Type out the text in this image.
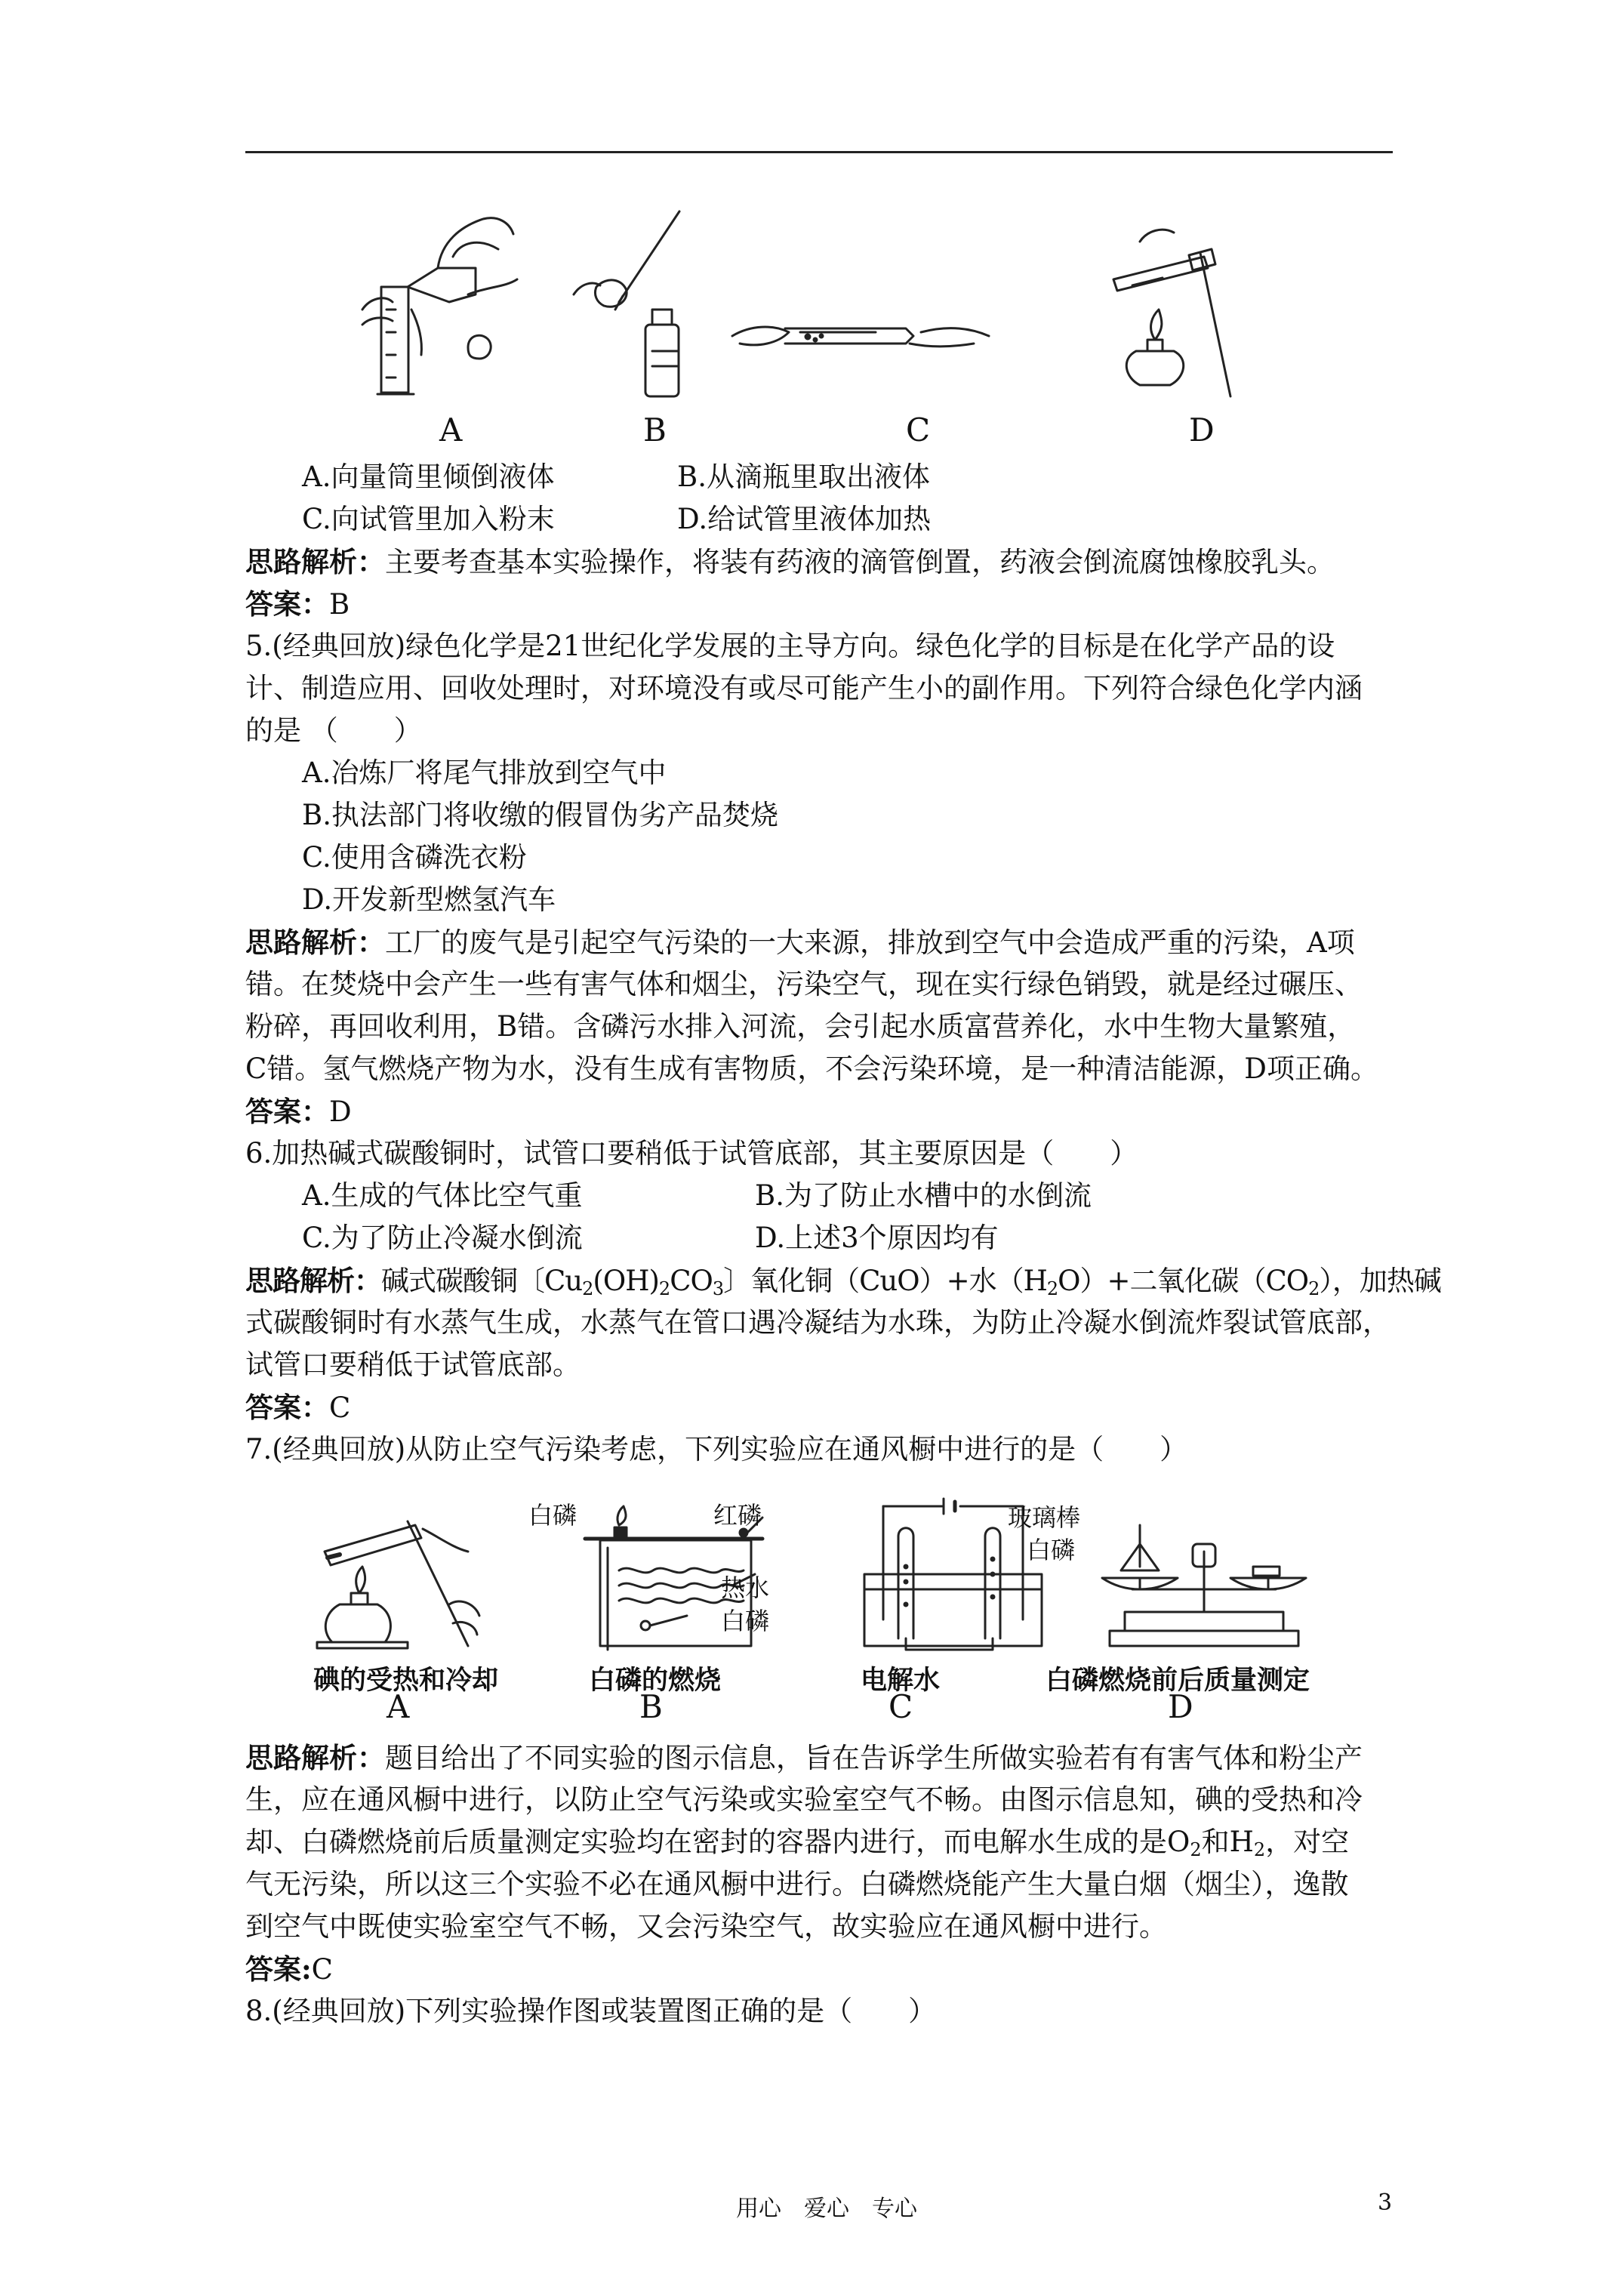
A	B	C	D
A.向量筒里倾倒液体	B.从滴瓶里取出液体
C.向试管里加入粉末	D.给试管里液体加热
思路解析：主要考查基本实验操作，将装有药液的滴管倒置，药液会倒流腐蚀橡胶乳头。
答案：B
5.(经典回放)绿色化学是21世纪化学发展的主导方向。绿色化学的目标是在化学产品的设
计、制造应用、回收处理时，对环境没有或尽可能产生小的副作用。下列符合绿色化学内涵
的是 （　　）
A.冶炼厂将尾气排放到空气中
B.执法部门将收缴的假冒伪劣产品焚烧
C.使用含磷洗衣粉
D.开发新型燃氢汽车
思路解析：工厂的废气是引起空气污染的一大来源，排放到空气中会造成严重的污染，A项
错。在焚烧中会产生一些有害气体和烟尘，污染空气，现在实行绿色销毁，就是经过碾压、
粉碎，再回收利用，B错。含磷污水排入河流，会引起水质富营养化，水中生物大量繁殖，
C错。氢气燃烧产物为水，没有生成有害物质，不会污染环境，是一种清洁能源，D项正确。
答案：D
6.加热碱式碳酸铜时，试管口要稍低于试管底部，其主要原因是（　　）
A.生成的气体比空气重	B.为了防止水槽中的水倒流
C.为了防止冷凝水倒流	D.上述3个原因均有
思路解析：碱式碳酸铜〔$Cu_2(OH)_2CO_3$〕氧化铜（CuO）+水$(H_2O)+$二氧化碳$(CO_2)$，加热碱
式碳酸铜时有水蒸气生成，水蒸气在管口遇冷凝结为水珠，为防止冷凝水倒流炸裂试管底部，
试管口要稍低于试管底部。
答案：C
7.(经典回放)从防止空气污染考虑，下列实验应在通风橱中进行的是（　　）
白磷	红磷
热水
白磷
玻璃棒
白磷
碘的受热和冷却	白磷的燃烧	电解水	白磷燃烧前后质量测定
A	B	C	D
思路解析：题目给出了不同实验的图示信息，旨在告诉学生所做实验若有有害气体和粉尘产
生，应在通风橱中进行，以防止空气污染或实验室空气不畅。由图示信息知，碘的受热和冷
却、白磷燃烧前后质量测定实验均在密封的容器内进行，而电解水生成的是$O_2$和$H_2$，对空
气无污染，所以这三个实验不必在通风橱中进行。白磷燃烧能产生大量白烟（烟尘），逸散
到空气中既使实验室空气不畅，又会污染空气，故实验应在通风橱中进行。
答案:C
8.(经典回放)下列实验操作图或装置图正确的是（　　）
用心　爱心　专心	3
